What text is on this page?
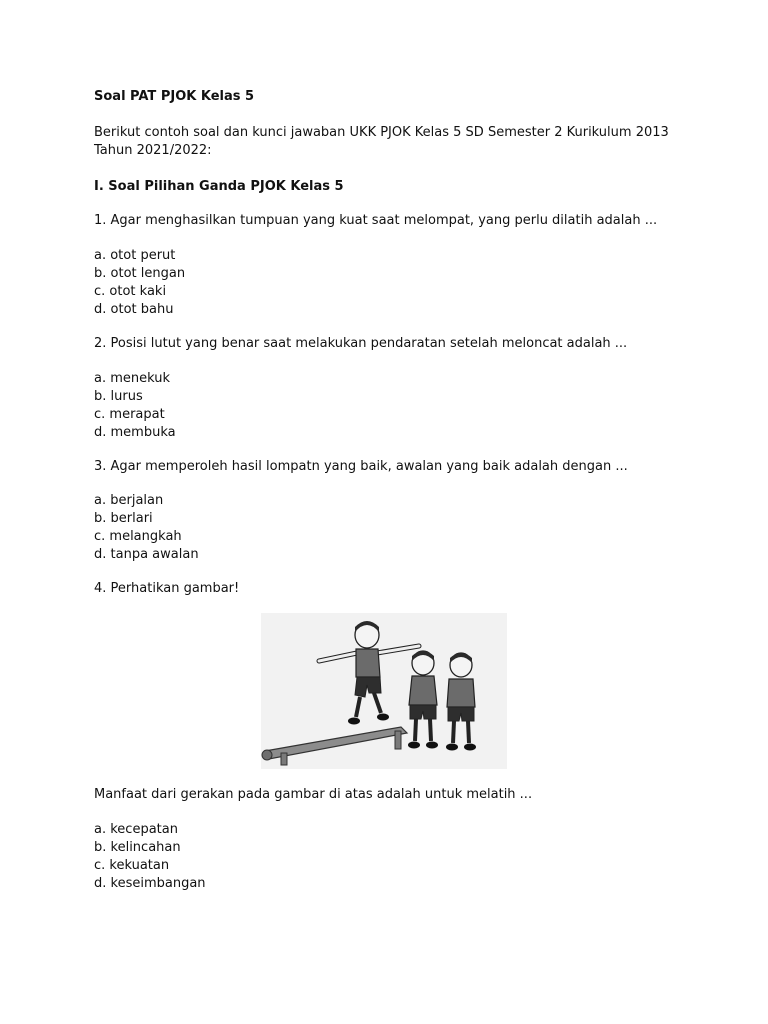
Soal PAT PJOK Kelas 5

Berikut contoh soal dan kunci jawaban UKK PJOK Kelas 5 SD Semester 2 Kurikulum 2013

Tahun 2021/2022:

I. Soal Pilihan Ganda PJOK Kelas 5

1. Agar menghasilkan tumpuan yang kuat saat melompat, yang perlu dilatih adalah ...

a. otot perut

b. otot lengan

c. otot kaki

d. otot bahu

2. Posisi lutut yang benar saat melakukan pendaratan setelah meloncat adalah ...

a. menekuk

b. lurus

c. merapat

d. membuka

3. Agar memperoleh hasil lompatn yang baik, awalan yang baik adalah dengan ...

a. berjalan

b. berlari

c. melangkah

d. tanpa awalan

4. Perhatikan gambar!

Manfaat dari gerakan pada gambar di atas adalah untuk melatih ...

a. kecepatan

b. kelincahan

c. kekuatan

d. keseimbangan
